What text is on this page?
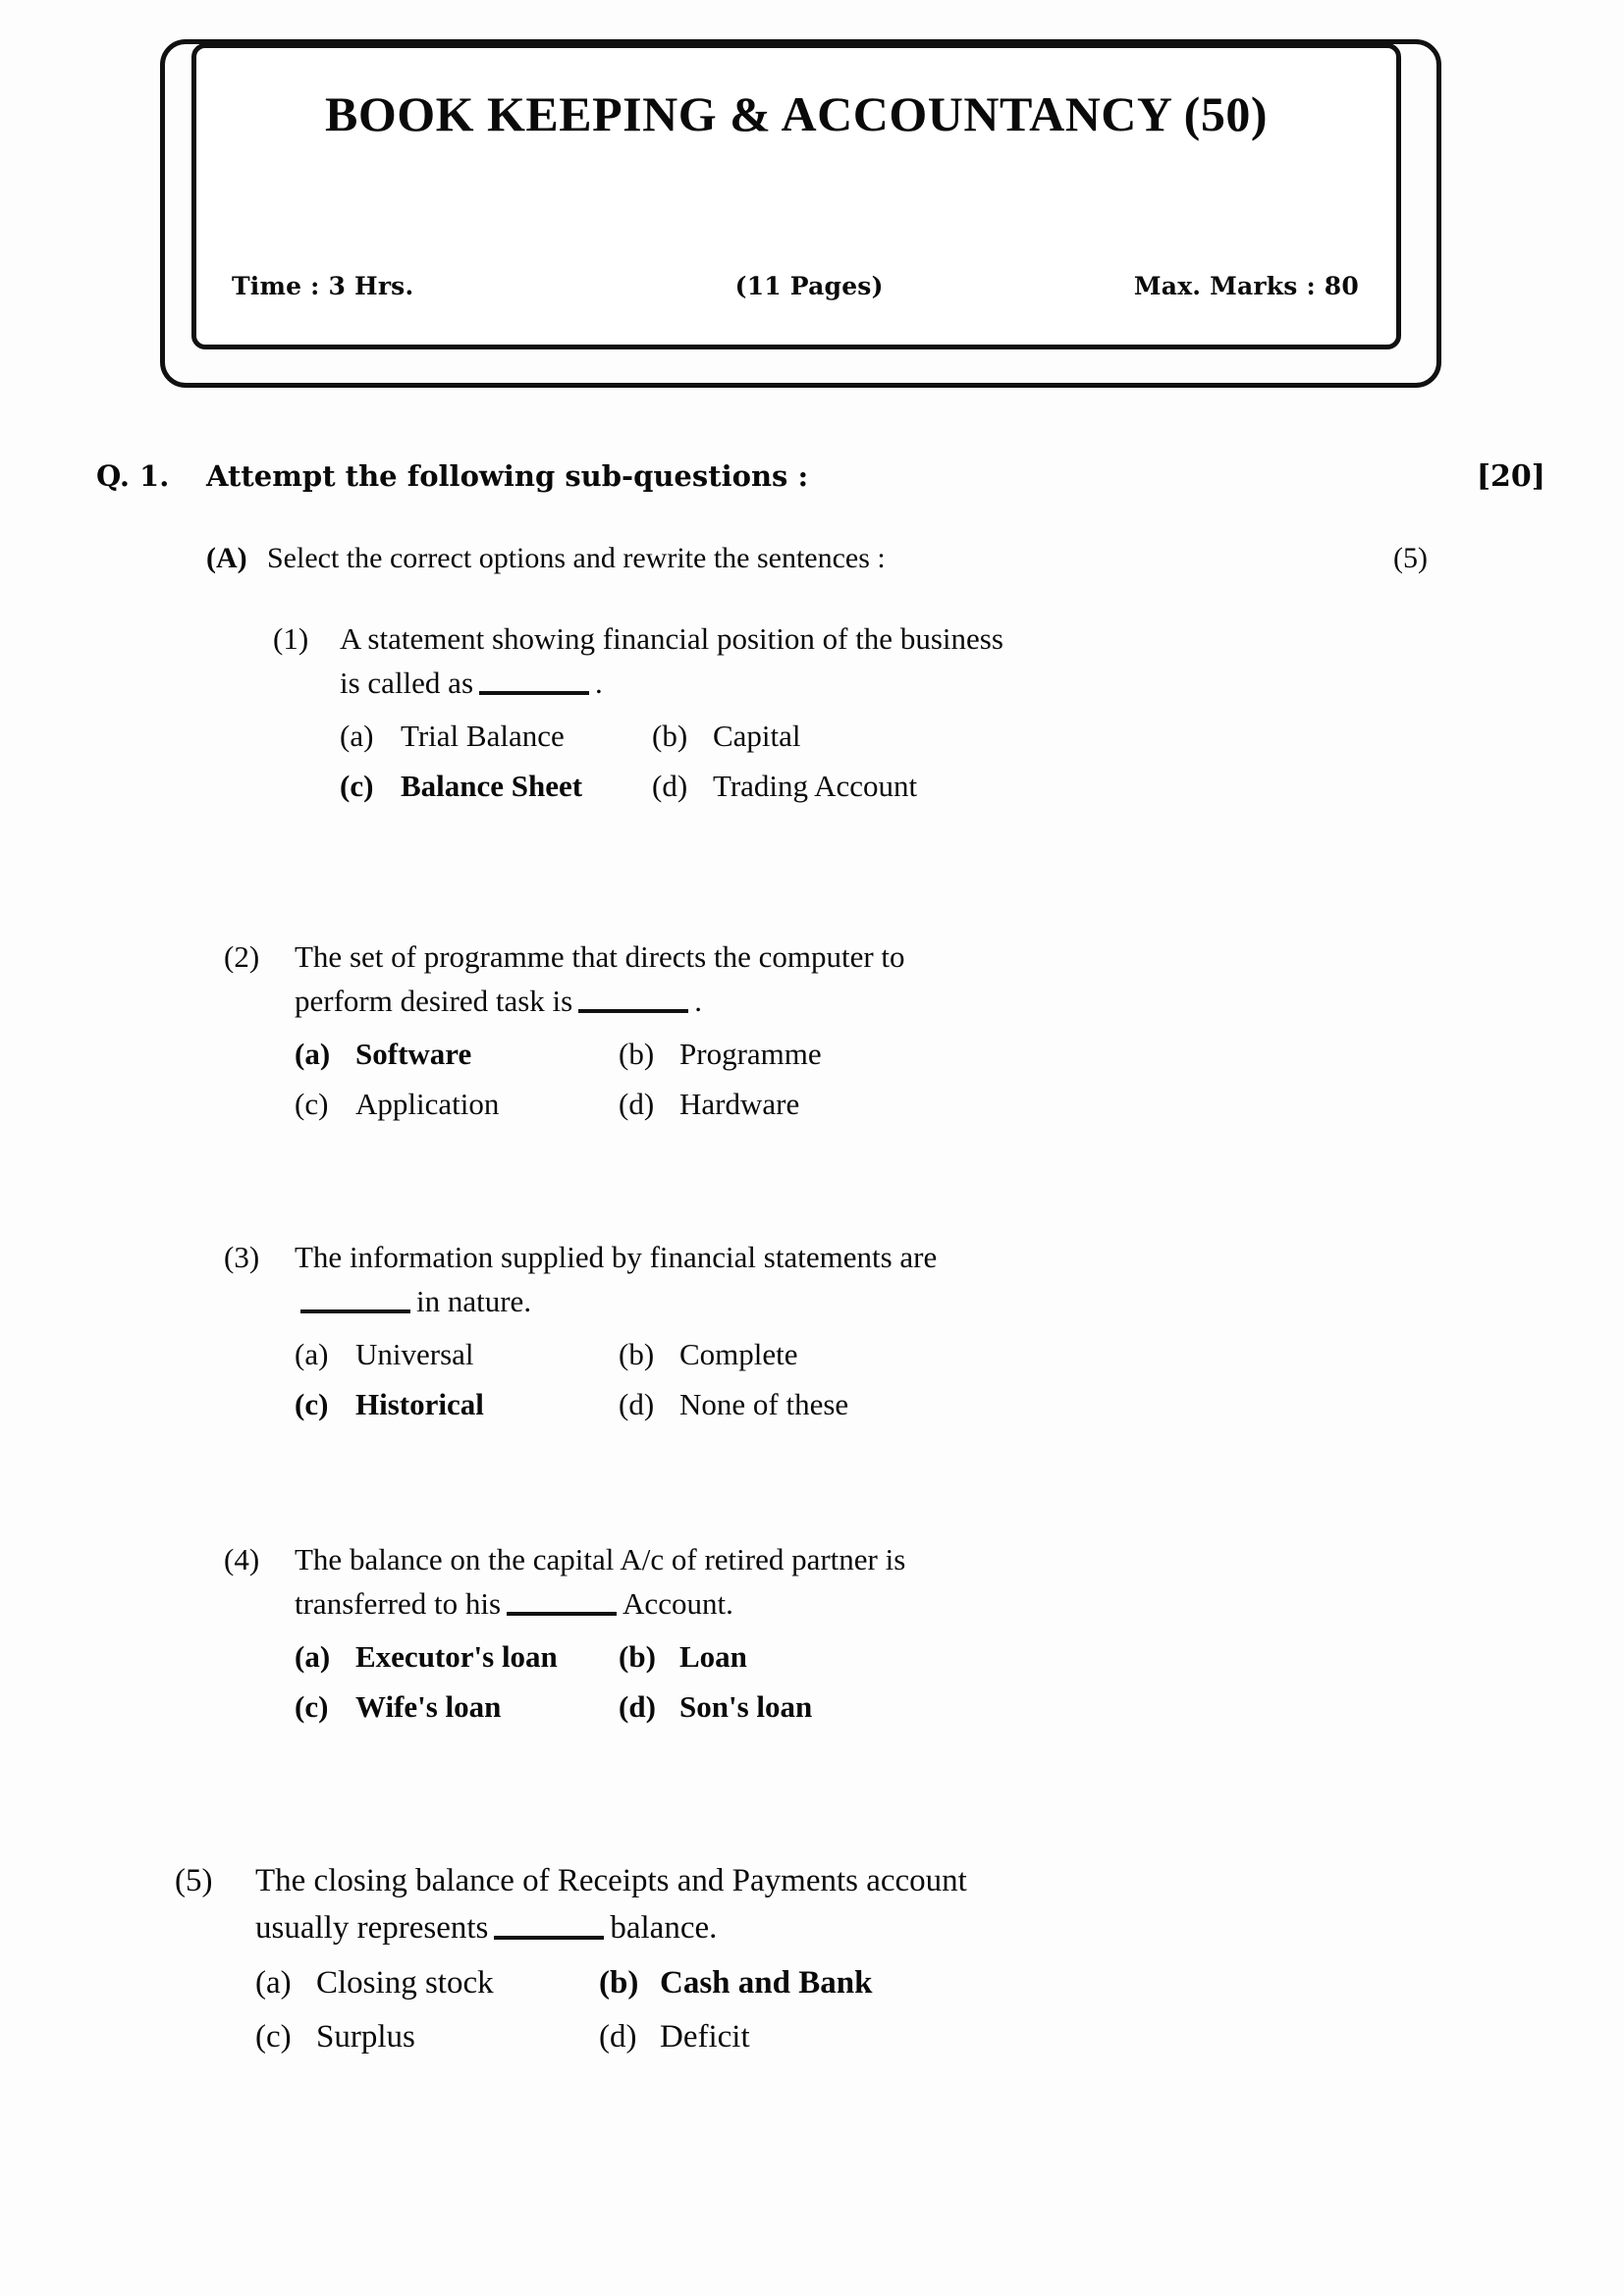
BOOK KEEPING & ACCOUNTANCY (50)
Time : 3 Hrs.	(11 Pages)	Max. Marks : 80
Q. 1.	Attempt the following sub-questions :	[20]
(A) Select the correct options and rewrite the sentences :	(5)
(1)	A statement showing financial position of the business
is called as	.
(a) Trial Balance	(b) Capital
(c) Balance Sheet (d) Trading Account
(2)	The set of programme that directs the computer to
perform desired task is	.
(a) Software	(b) Programme
(c) Application	(d) Hardware
(3)	The information supplied by financial statements are
in nature.
(a) Universal	(b) Complete
(c) Historical	(d) None of these
(4)	The balance on the capital A/c of retired partner is
transferred to his	Account.
(a) Executor's loan (b) Loan
(c) Wife's loan	(d) Son's loan
(5)	The closing balance of Receipts and Payments account
usually represents	balance.
(a) Closing stock	(b) Cash and Bank
(c) Surplus	(d) Deficit
